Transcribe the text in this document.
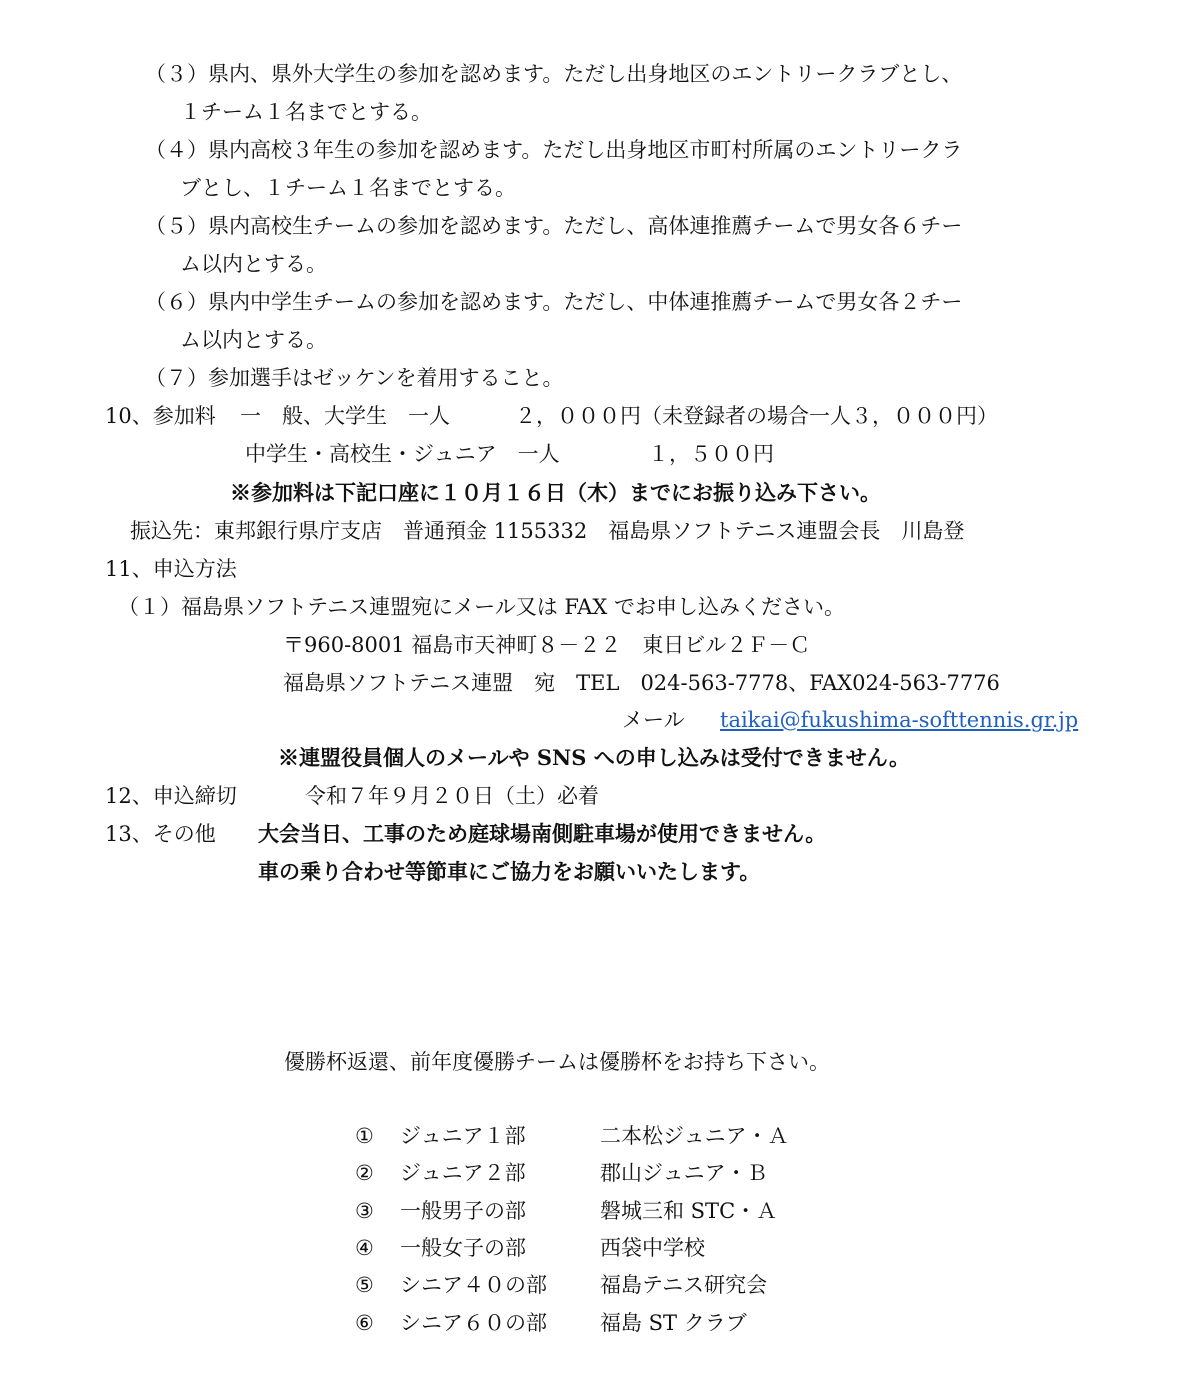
（３）県内、県外大学生の参加を認めます。ただし出身地区のエントリークラブとし、
１チーム１名までとする。
（４）県内高校３年生の参加を認めます。ただし出身地区市町村所属のエントリークラ
ブとし、１チーム１名までとする。
（５）県内高校生チームの参加を認めます。ただし、高体連推薦チームで男女各６チー
ム以内とする。
（６）県内中学生チームの参加を認めます。ただし、中体連推薦チームで男女各２チー
ム以内とする。
（７）参加選手はゼッケンを着用すること。
10、参加料 一　般、大学生　一人	２，０００円（未登録者の場合一人３，０００円）
中学生・高校生・ジュニア　一人	１，５００円
※参加料は下記口座に１０月１６日（木）までにお振り込み下さい。
振込先：東邦銀行県庁支店　普通預金 1155332　福島県ソフトテニス連盟会長　川島登
11、申込方法
（１）福島県ソフトテニス連盟宛にメール又は FAX でお申し込みください。
〒960-8001 福島市天神町８－２２　東日ビル２Ｆ－Ｃ
福島県ソフトテニス連盟　宛　TEL　024-563-7778、FAX024-563-7776
メール taikai@fukushima-softtennis.gr.jp
※連盟役員個人のメールや SNS への申し込みは受付できません。
12、申込締切	令和７年９月２０日（土）必着
13、その他 大会当日、工事のため庭球場南側駐車場が使用できません。
車の乗り合わせ等節車にご協力をお願いいたします。
優勝杯返還、前年度優勝チームは優勝杯をお持ち下さい。
① ジュニア１部	二本松ジュニア・Ａ
② ジュニア２部	郡山ジュニア・Ｂ
③ 一般男子の部	磐城三和 STC・Ａ
④ 一般女子の部	西袋中学校
⑤ シニア４０の部	福島テニス研究会
⑥ シニア６０の部	福島 ST クラブ
